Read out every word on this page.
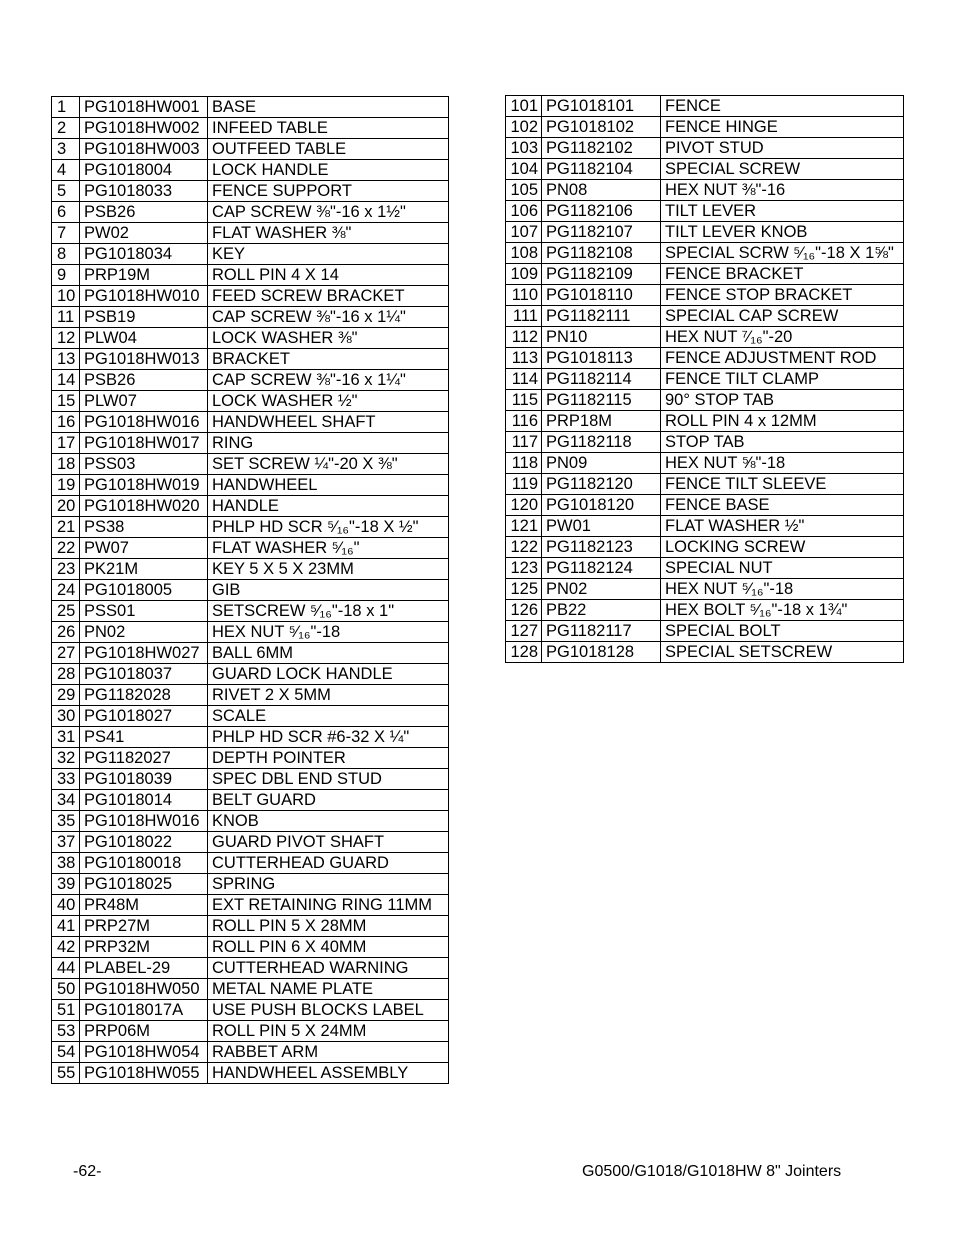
1	PG1018HW001	BASE
2	PG1018HW002	INFEED TABLE
3	PG1018HW003	OUTFEED TABLE
4	PG1018004	LOCK HANDLE
5	PG1018033	FENCE SUPPORT
6	PSB26	CAP SCREW ⅜"-16 x 1½"
7	PW02	FLAT WASHER ⅜"
8	PG1018034	KEY
9	PRP19M	ROLL PIN 4 X 14
10	PG1018HW010	FEED SCREW BRACKET
11	PSB19	CAP SCREW ⅜"-16 x 1¼"
12	PLW04	LOCK WASHER ⅜"
13	PG1018HW013	BRACKET
14	PSB26	CAP SCREW ⅜"-16 x 1¼"
15	PLW07	LOCK WASHER ½"
16	PG1018HW016	HANDWHEEL SHAFT
17	PG1018HW017	RING
18	PSS03	SET SCREW ¼"-20 X ⅜"
19	PG1018HW019	HANDWHEEL
20	PG1018HW020	HANDLE
21	PS38	PHLP HD SCR ⁵⁄₁₆"-18 X ½"
22	PW07	FLAT WASHER ⁵⁄₁₆"
23	PK21M	KEY 5 X 5 X 23MM
24	PG1018005	GIB
25	PSS01	SETSCREW ⁵⁄₁₆"-18 x 1"
26	PN02	HEX NUT ⁵⁄₁₆"-18
27	PG1018HW027	BALL 6MM
28	PG1018037	GUARD LOCK HANDLE
29	PG1182028	RIVET 2 X 5MM
30	PG1018027	SCALE
31	PS41	PHLP HD SCR #6-32 X ¼"
32	PG1182027	DEPTH POINTER
33	PG1018039	SPEC DBL END STUD
34	PG1018014	BELT GUARD
35	PG1018HW016	KNOB
37	PG1018022	GUARD PIVOT SHAFT
38	PG10180018	CUTTERHEAD GUARD
39	PG1018025	SPRING
40	PR48M	EXT RETAINING RING 11MM
41	PRP27M	ROLL PIN 5 X 28MM
42	PRP32M	ROLL PIN 6 X 40MM
44	PLABEL-29	CUTTERHEAD WARNING
50	PG1018HW050	METAL NAME PLATE
51	PG1018017A	USE PUSH BLOCKS LABEL
53	PRP06M	ROLL PIN 5 X 24MM
54	PG1018HW054	RABBET ARM
55	PG1018HW055	HANDWHEEL ASSEMBLY
101	PG1018101	FENCE
102	PG1018102	FENCE HINGE
103	PG1182102	PIVOT STUD
104	PG1182104	SPECIAL SCREW
105	PN08	HEX NUT ⅜"-16
106	PG1182106	TILT LEVER
107	PG1182107	TILT LEVER KNOB
108	PG1182108	SPECIAL SCRW ⁵⁄₁₆"-18 X 1⅝"
109	PG1182109	FENCE BRACKET
110	PG1018110	FENCE STOP BRACKET
111	PG1182111	SPECIAL CAP SCREW
112	PN10	HEX NUT ⁷⁄₁₆"-20
113	PG1018113	FENCE ADJUSTMENT ROD
114	PG1182114	FENCE TILT CLAMP
115	PG1182115	90° STOP TAB
116	PRP18M	ROLL PIN 4 x 12MM
117	PG1182118	STOP TAB
118	PN09	HEX NUT ⅝"-18
119	PG1182120	FENCE TILT SLEEVE
120	PG1018120	FENCE BASE
121	PW01	FLAT WASHER ½"
122	PG1182123	LOCKING SCREW
123	PG1182124	SPECIAL NUT
125	PN02	HEX NUT ⁵⁄₁₆"-18
126	PB22	HEX BOLT ⁵⁄₁₆"-18 x 1¾"
127	PG1182117	SPECIAL BOLT
128	PG1018128	SPECIAL SETSCREW
-62-	G0500/G1018/G1018HW 8" Jointers
